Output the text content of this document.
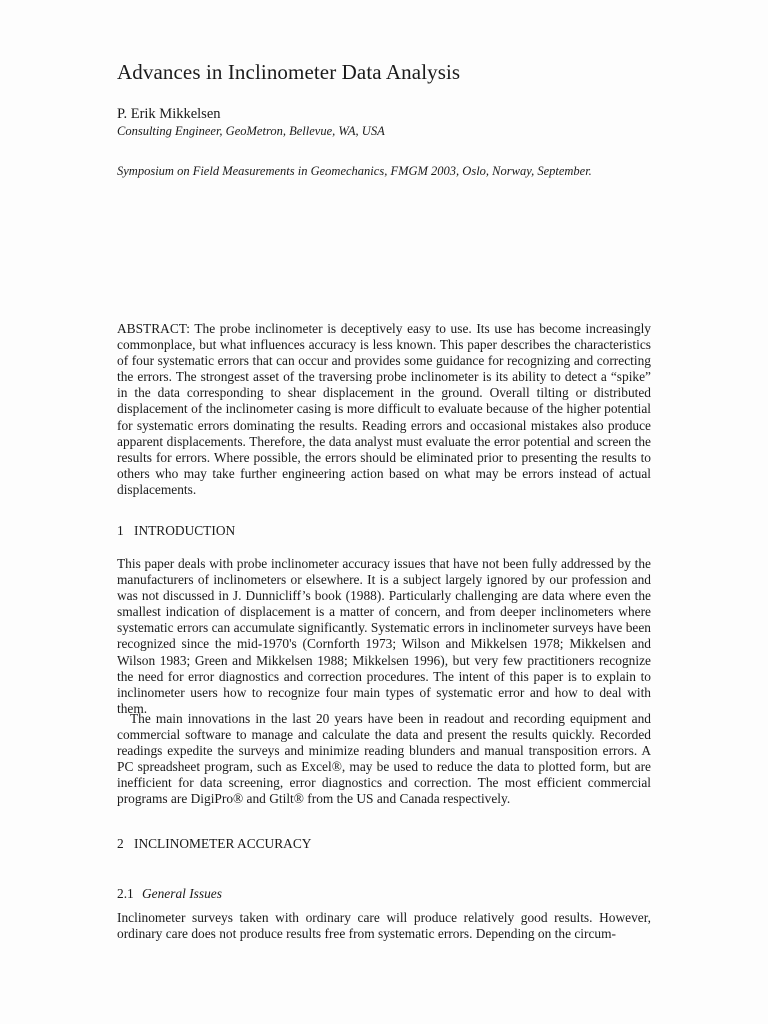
Advances in Inclinometer Data Analysis
P. Erik Mikkelsen
Consulting Engineer, GeoMetron, Bellevue, WA, USA
Symposium on Field Measurements in Geomechanics, FMGM 2003, Oslo, Norway, September.

ABSTRACT: The probe inclinometer is deceptively easy to use. Its use has become increasingly commonplace, but what influences accuracy is less known. This paper describes the characteristics of four systematic errors that can occur and provides some guidance for recognizing and correcting the errors. The strongest asset of the traversing probe inclinometer is its ability to detect a “spike” in the data corresponding to shear displacement in the ground. Overall tilting or distributed displacement of the inclinometer casing is more difficult to evaluate because of the higher potential for systematic errors dominating the results. Reading errors and occasional mistakes also produce apparent displacements. Therefore, the data analyst must evaluate the error potential and screen the results for errors. Where possible, the errors should be eliminated prior to presenting the results to others who may take further engineering action based on what may be errors instead of actual displacements.

1 INTRODUCTION

This paper deals with probe inclinometer accuracy issues that have not been fully addressed by the manufacturers of inclinometers or elsewhere. It is a subject largely ignored by our profession and was not discussed in J. Dunnicliff’s book (1988). Particularly challenging are data where even the smallest indication of displacement is a matter of concern, and from deeper inclinometers where systematic errors can accumulate significantly. Systematic errors in inclinometer surveys have been recognized since the mid-1970's (Cornforth 1973; Wilson and Mikkelsen 1978; Mikkelsen and Wilson 1983; Green and Mikkelsen 1988; Mikkelsen 1996), but very few practitioners recognize the need for error diagnostics and correction procedures. The intent of this paper is to explain to inclinometer users how to recognize four main types of systematic error and how to deal with them.

The main innovations in the last 20 years have been in readout and recording equipment and commercial software to manage and calculate the data and present the results quickly. Recorded readings expedite the surveys and minimize reading blunders and manual transposition errors. A PC spreadsheet program, such as Excel®, may be used to reduce the data to plotted form, but are inefficient for data screening, error diagnostics and correction. The most efficient commercial programs are DigiPro® and Gtilt® from the US and Canada respectively.

2 INCLINOMETER ACCURACY
2.1 General Issues

Inclinometer surveys taken with ordinary care will produce relatively good results. However, ordinary care does not produce results free from systematic errors. Depending on the circum-
